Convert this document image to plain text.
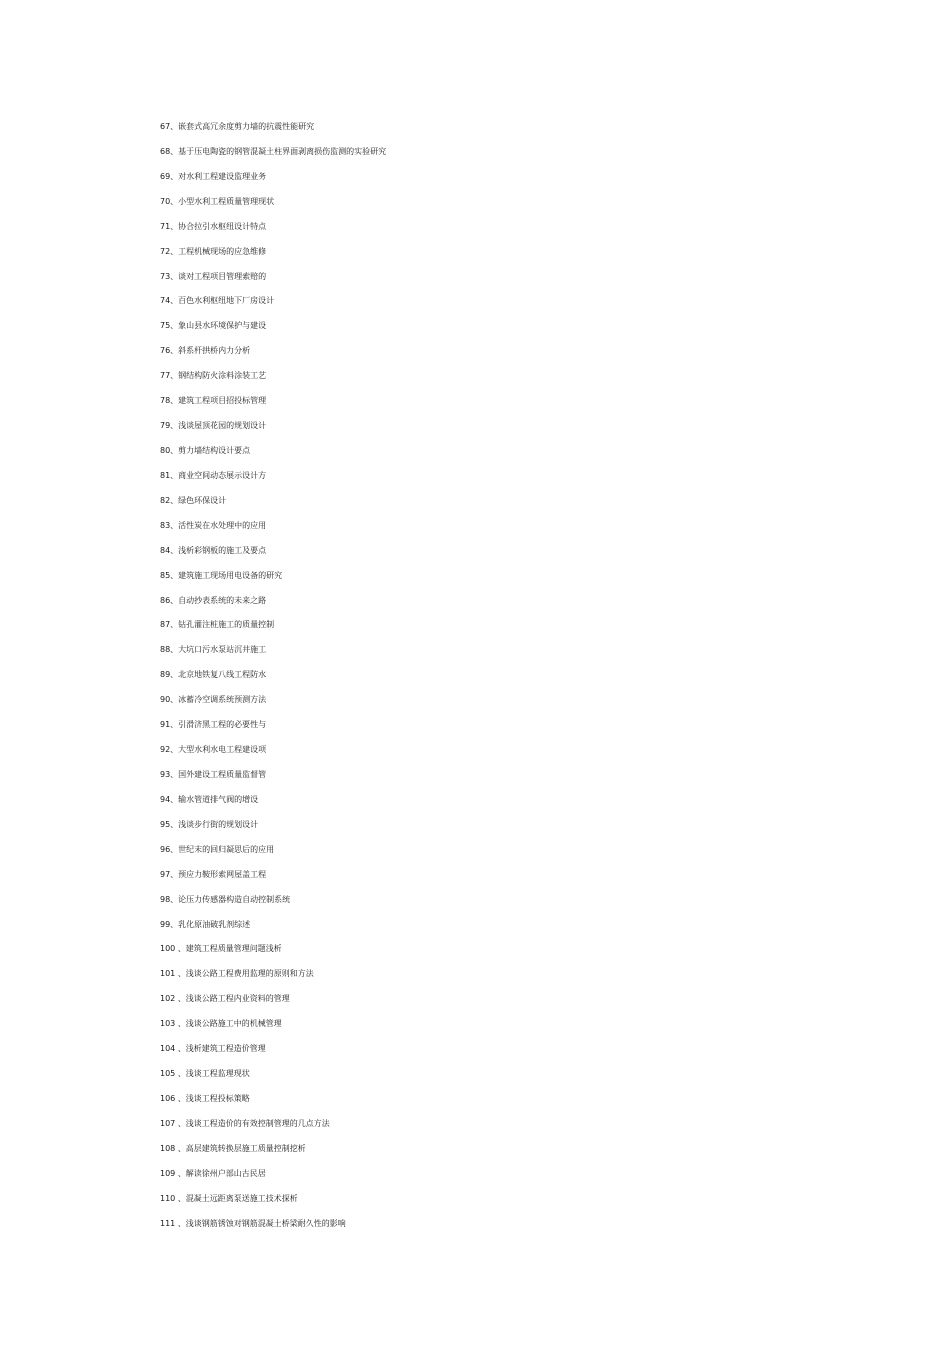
67、嵌套式高冗余度剪力墙的抗震性能研究
68、基于压电陶瓷的钢管混凝土柱界面剥离损伤监测的实验研究
69、对水利工程建设监理业务
70、小型水利工程质量管理现状
71、协合拉引水枢纽设计特点
72、工程机械现场的应急维修
73、谈对工程项目管理索赔的
74、百色水利枢纽地下厂房设计
75、象山县水环境保护与建设
76、斜系杆拱桥内力分析
77、钢结构防火涂料涂装工艺
78、建筑工程项目招投标管理
79、浅谈屋顶花园的规划设计
80、剪力墙结构设计要点
81、商业空间动态展示设计方
82、绿色环保设计
83、活性炭在水处理中的应用
84、浅析彩钢板的施工及要点
85、建筑施工现场用电设备的研究
86、自动抄表系统的未来之路
87、钻孔灌注桩施工的质量控制
88、大坑口污水泵站沉井施工
89、北京地铁复八线工程防水
90、冰蓄冷空调系统预测方法
91、引滑济黑工程的必要性与
92、大型水利水电工程建设项
93、国外建设工程质量监督管
94、输水管道排气阀的增设
95、浅谈步行街的规划设计
96、世纪末的回归凝思后的应用
97、预应力鞍形索网屋盖工程
98、论压力传感器构造自动控制系统
99、乳化原油破乳剂综述
100 、建筑工程质量管理问题浅析
101 、浅谈公路工程费用监理的原则和方法
102 、浅谈公路工程内业资料的管理
103 、浅谈公路施工中的机械管理
104 、浅析建筑工程造价管理
105 、浅谈工程监理现状
106 、浅谈工程投标策略
107 、浅谈工程造价的有效控制管理的几点方法
108 、高层建筑转换层施工质量控制挖析
109 、解读徐州户部山古民居
110 、混凝土远距离泵送施工技术探析
111 、浅谈钢筋锈蚀对钢筋混凝土桥梁耐久性的影响
